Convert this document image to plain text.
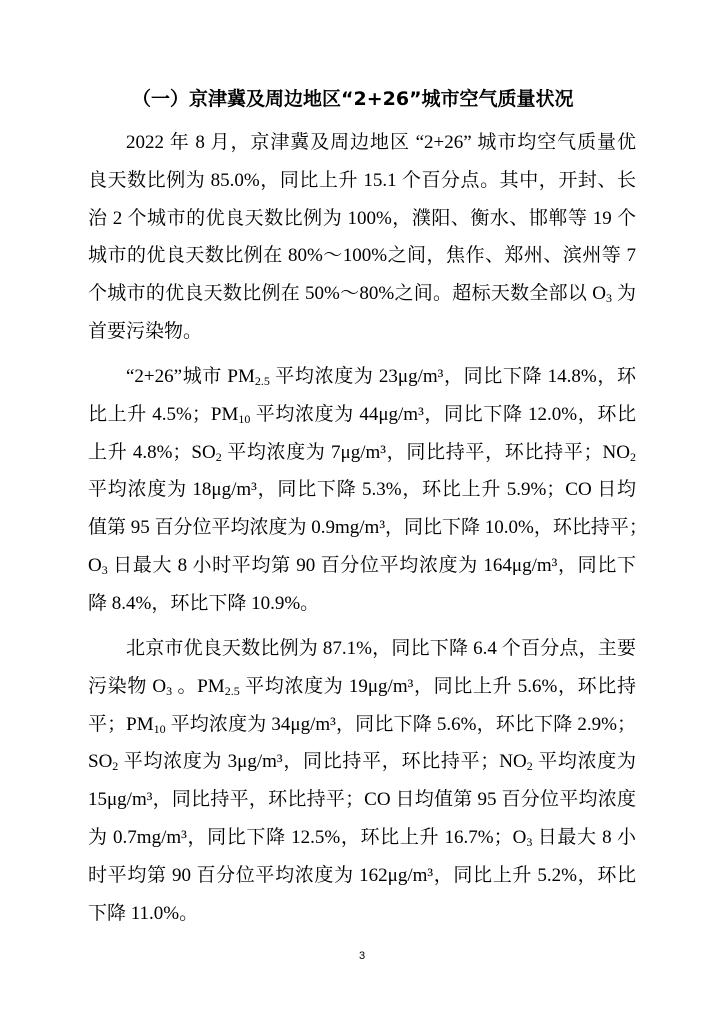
（一）京津冀及周边地区“2+26”城市空气质量状况
2022 年 8 月，京津冀及周边地区 “2+26” 城市均空气质量优
良天数比例为 85.0%，同比上升 15.1 个百分点。其中，开封、长
治 2 个城市的优良天数比例为 100%，濮阳、衡水、邯郸等 19 个
城市的优良天数比例在 80%～100%之间，焦作、郑州、滨州等 7
个城市的优良天数比例在 50%～80%之间。超标天数全部以 $O_3$ 为
首要污染物。
“2+26”城市 $PM_{2.5}$ 平均浓度为 23μg/m³，同比下降 14.8%，环
比上升 4.5%；$PM_{10}$ 平均浓度为 44μg/m³，同比下降 12.0%，环比
上升 4.8%；$SO_2$ 平均浓度为 7μg/m³，同比持平，环比持平；$NO_2$
平均浓度为 18μg/m³，同比下降 5.3%，环比上升 5.9%；CO 日均
值第 95 百分位平均浓度为 0.9mg/m³，同比下降 10.0%，环比持平；
$O_3$ 日最大 8 小时平均第 90 百分位平均浓度为 164μg/m³，同比下
降 8.4%，环比下降 10.9%。
北京市优良天数比例为 87.1%，同比下降 6.4 个百分点，主要
污染物 $O_3$ 。$PM_{2.5}$ 平均浓度为 19μg/m³，同比上升 5.6%，环比持
平；$PM_{10}$ 平均浓度为 34μg/m³，同比下降 5.6%，环比下降 2.9%；
$SO_2$ 平均浓度为 3μg/m³，同比持平，环比持平；$NO_2$ 平均浓度为
15μg/m³，同比持平，环比持平；CO 日均值第 95 百分位平均浓度
为 0.7mg/m³，同比下降 12.5%，环比上升 16.7%；$O_3$ 日最大 8 小
时平均第 90 百分位平均浓度为 162μg/m³，同比上升 5.2%，环比
下降 11.0%。
3
